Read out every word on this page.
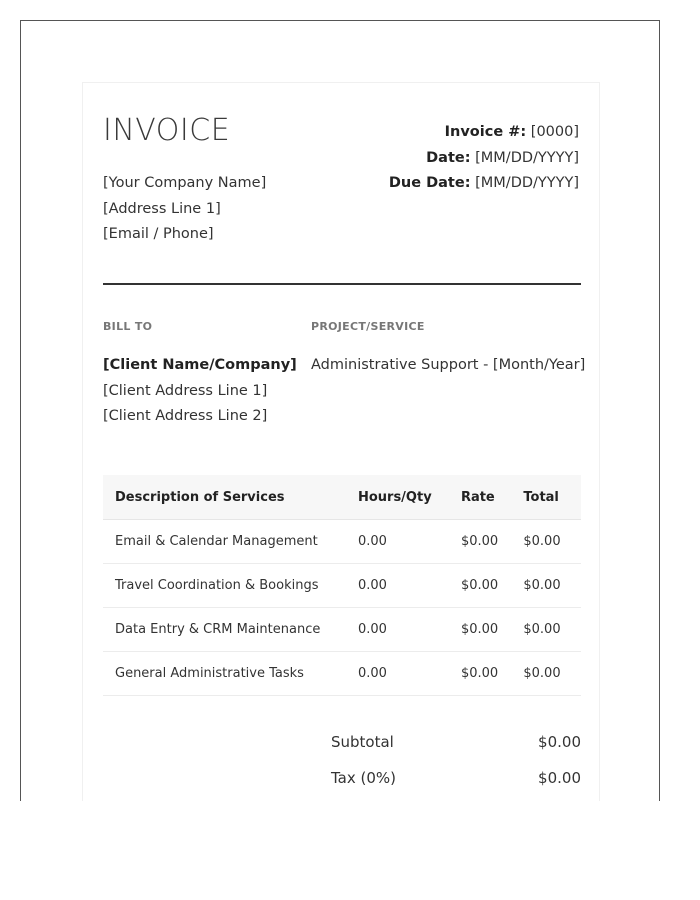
INVOICE
[Your Company Name]
[Address Line 1]
[Email / Phone]
Invoice #: [0000]
Date: [MM/DD/YYYY]
Due Date: [MM/DD/YYYY]
BILL TO	PROJECT/SERVICE
[Client Name/Company]
[Client Address Line 1]
[Client Address Line 2]
Administrative Support - [Month/Year]
Description of Services	Hours/Qty	Rate	Total
Email & Calendar Management	0.00	$0.00	$0.00
Travel Coordination & Bookings	0.00	$0.00	$0.00
Data Entry & CRM Maintenance	0.00	$0.00	$0.00
General Administrative Tasks	0.00	$0.00	$0.00
Subtotal	$0.00
Tax (0%)	$0.00
